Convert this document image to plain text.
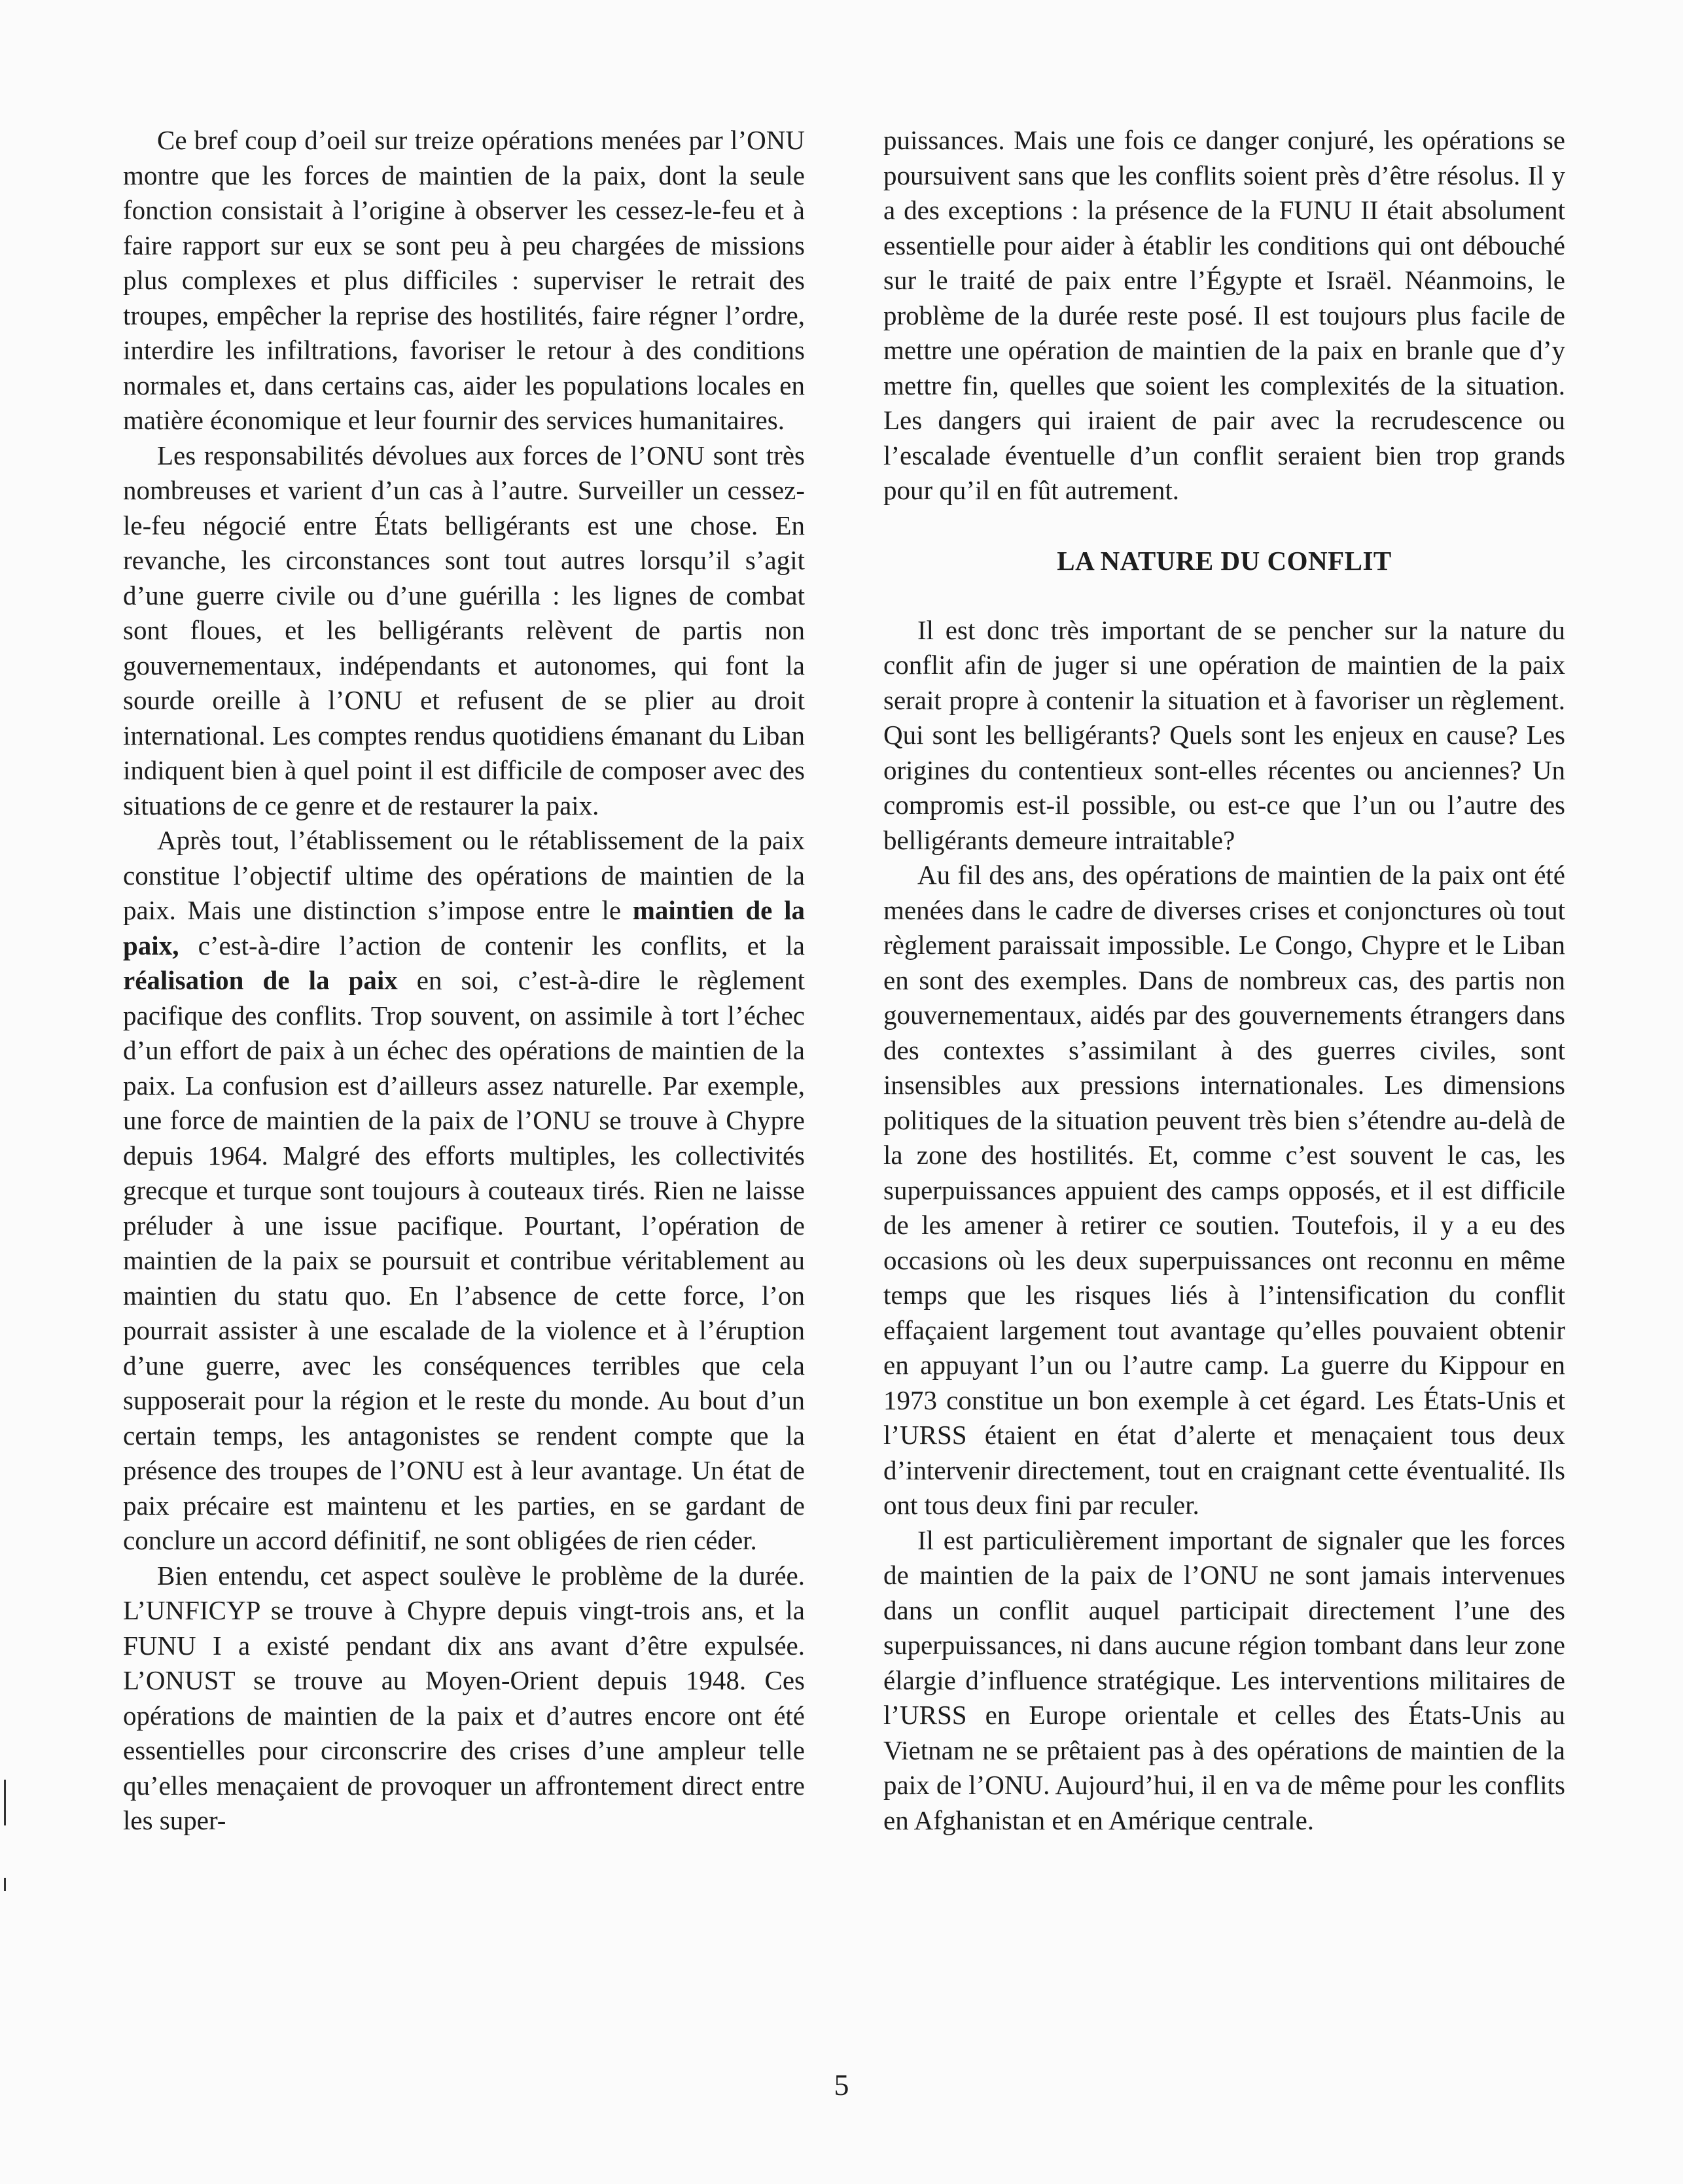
Ce bref coup d’oeil sur treize opérations menées par l’ONU montre que les forces de maintien de la paix, dont la seule fonction consistait à l’origine à observer les cessez-le-feu et à faire rapport sur eux se sont peu à peu chargées de missions plus complexes et plus difficiles : superviser le retrait des troupes, empêcher la reprise des hostilités, faire régner l’ordre, interdire les infiltrations, favoriser le retour à des conditions normales et, dans certains cas, aider les populations locales en matière économique et leur fournir des services humanitaires.

Les responsabilités dévolues aux forces de l’ONU sont très nombreuses et varient d’un cas à l’autre. Surveiller un cessez-le-feu négocié entre États belligérants est une chose. En revanche, les circonstances sont tout autres lorsqu’il s’agit d’une guerre civile ou d’une guérilla : les lignes de combat sont floues, et les belligérants relèvent de partis non gouvernementaux, indépendants et autonomes, qui font la sourde oreille à l’ONU et refusent de se plier au droit international. Les comptes rendus quotidiens émanant du Liban indiquent bien à quel point il est difficile de composer avec des situations de ce genre et de restaurer la paix.

Après tout, l’établissement ou le rétablissement de la paix constitue l’objectif ultime des opérations de maintien de la paix. Mais une distinction s’impose entre le maintien de la paix, c’est-à-dire l’action de contenir les conflits, et la réalisation de la paix en soi, c’est-à-dire le règlement pacifique des conflits. Trop souvent, on assimile à tort l’échec d’un effort de paix à un échec des opérations de maintien de la paix. La confusion est d’ailleurs assez naturelle. Par exemple, une force de maintien de la paix de l’ONU se trouve à Chypre depuis 1964. Malgré des efforts multiples, les collectivités grecque et turque sont toujours à couteaux tirés. Rien ne laisse préluder à une issue pacifique. Pourtant, l’opération de maintien de la paix se poursuit et contribue véritablement au maintien du statu quo. En l’absence de cette force, l’on pourrait assister à une escalade de la violence et à l’éruption d’une guerre, avec les conséquences terribles que cela supposerait pour la région et le reste du monde. Au bout d’un certain temps, les antagonistes se rendent compte que la présence des troupes de l’ONU est à leur avantage. Un état de paix précaire est maintenu et les parties, en se gardant de conclure un accord définitif, ne sont obligées de rien céder.

Bien entendu, cet aspect soulève le problème de la durée. L’UNFICYP se trouve à Chypre depuis vingt-trois ans, et la FUNU I a existé pendant dix ans avant d’être expulsée. L’ONUST se trouve au Moyen-Orient depuis 1948. Ces opérations de maintien de la paix et d’autres encore ont été essentielles pour circonscrire des crises d’une ampleur telle qu’elles menaçaient de provoquer un affrontement direct entre les super-

puissances. Mais une fois ce danger conjuré, les opérations se poursuivent sans que les conflits soient près d’être résolus. Il y a des exceptions : la présence de la FUNU II était absolument essentielle pour aider à établir les conditions qui ont débouché sur le traité de paix entre l’Égypte et Israël. Néanmoins, le problème de la durée reste posé. Il est toujours plus facile de mettre une opération de maintien de la paix en branle que d’y mettre fin, quelles que soient les complexités de la situation. Les dangers qui iraient de pair avec la recrudescence ou l’escalade éventuelle d’un conflit seraient bien trop grands pour qu’il en fût autrement.

LA NATURE DU CONFLIT

Il est donc très important de se pencher sur la nature du conflit afin de juger si une opération de maintien de la paix serait propre à contenir la situation et à favoriser un règlement. Qui sont les belligérants? Quels sont les enjeux en cause? Les origines du contentieux sont-elles récentes ou anciennes? Un compromis est-il possible, ou est-ce que l’un ou l’autre des belligérants demeure intraitable?

Au fil des ans, des opérations de maintien de la paix ont été menées dans le cadre de diverses crises et conjonctures où tout règlement paraissait impossible. Le Congo, Chypre et le Liban en sont des exemples. Dans de nombreux cas, des partis non gouvernementaux, aidés par des gouvernements étrangers dans des contextes s’assimilant à des guerres civiles, sont insensibles aux pressions internationales. Les dimensions politiques de la situation peuvent très bien s’étendre au-delà de la zone des hostilités. Et, comme c’est souvent le cas, les superpuissances appuient des camps opposés, et il est difficile de les amener à retirer ce soutien. Toutefois, il y a eu des occasions où les deux superpuissances ont reconnu en même temps que les risques liés à l’intensification du conflit effaçaient largement tout avantage qu’elles pouvaient obtenir en appuyant l’un ou l’autre camp. La guerre du Kippour en 1973 constitue un bon exemple à cet égard. Les États-Unis et l’URSS étaient en état d’alerte et menaçaient tous deux d’intervenir directement, tout en craignant cette éventualité. Ils ont tous deux fini par reculer.

Il est particulièrement important de signaler que les forces de maintien de la paix de l’ONU ne sont jamais intervenues dans un conflit auquel participait directement l’une des superpuissances, ni dans aucune région tombant dans leur zone élargie d’influence stratégique. Les interventions militaires de l’URSS en Europe orientale et celles des États-Unis au Vietnam ne se prêtaient pas à des opérations de maintien de la paix de l’ONU. Aujourd’hui, il en va de même pour les conflits en Afghanistan et en Amérique centrale.

5
